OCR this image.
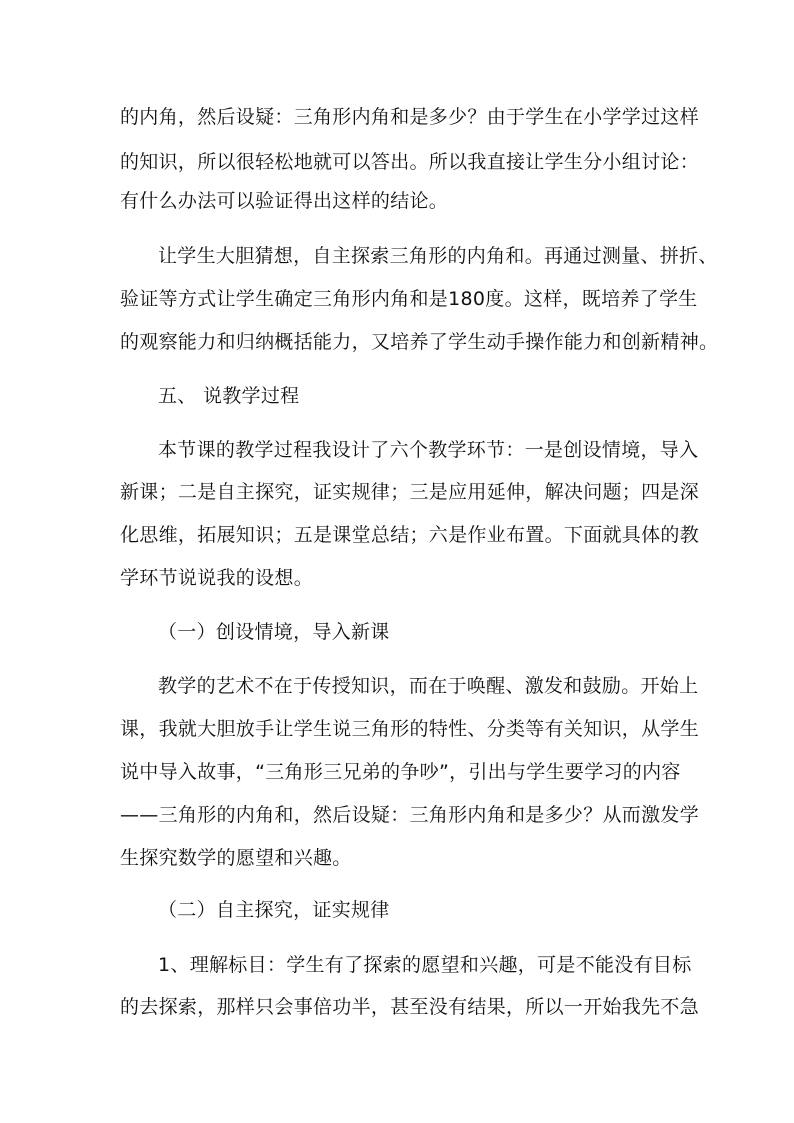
的内角，然后设疑：三角形内角和是多少？由于学生在小学学过这样
的知识，所以很轻松地就可以答出。所以我直接让学生分小组讨论：
有什么办法可以验证得出这样的结论。
让学生大胆猜想，自主探索三角形的内角和。再通过测量、拼折、
验证等方式让学生确定三角形内角和是180度。这样，既培养了学生
的观察能力和归纳概括能力，又培养了学生动手操作能力和创新精神。
五、 说教学过程
本节课的教学过程我设计了六个教学环节：一是创设情境，导入
新课；二是自主探究，证实规律；三是应用延伸，解决问题；四是深
化思维，拓展知识；五是课堂总结；六是作业布置。下面就具体的教
学环节说说我的设想。
（一）创设情境，导入新课
教学的艺术不在于传授知识，而在于唤醒、激发和鼓励。开始上
课，我就大胆放手让学生说三角形的特性、分类等有关知识，从学生
说中导入故事，“三角形三兄弟的争吵”，引出与学生要学习的内容
——三角形的内角和，然后设疑：三角形内角和是多少？从而激发学
生探究数学的愿望和兴趣。
（二）自主探究，证实规律
1、理解标目：学生有了探索的愿望和兴趣，可是不能没有目标
的去探索，那样只会事倍功半，甚至没有结果，所以一开始我先不急
